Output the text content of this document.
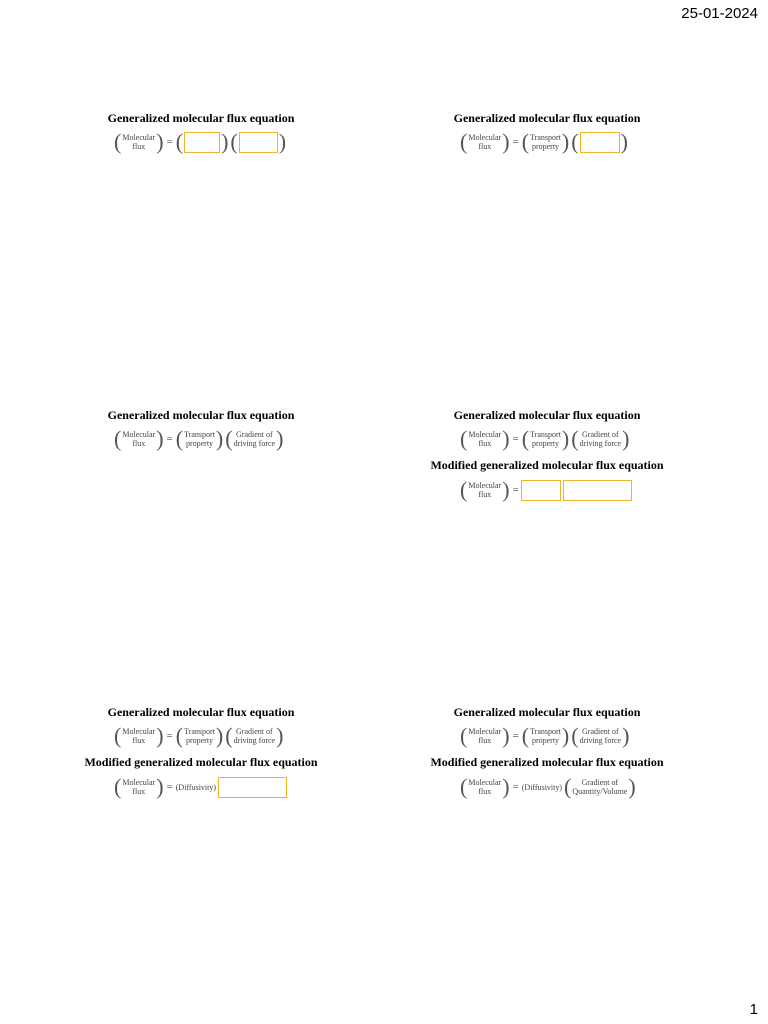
25-01-2024
Generalized molecular flux equation
( Molecular
flux
)	=
(
)
(
)
Generalized molecular flux equation
( Molecular
flux
)	= ( Transport
property
)
(
)
Generalized molecular flux equation
( Molecular
flux
)	= ( Transport
property
)
( Gradient of
driving force
)
Generalized molecular flux equation
( Molecular
flux
)	= ( Transport
property
)
( Gradient of
driving force
)
Modified generalized molecular flux equation
( Molecular
flux
)	=
Generalized molecular flux equation
( Molecular
flux
)	= ( Transport
property
)
( Gradient of
driving force
)
Modified generalized molecular flux equation
( Molecular
flux
)	= (Diffusivity)
Generalized molecular flux equation
( Molecular
flux
)	= ( Transport
property
)
( Gradient of
driving force
)
Modified generalized molecular flux equation
( Molecular
flux
)	= (Diffusivity)	( Gradient of
Quantity/Volume
)
1
